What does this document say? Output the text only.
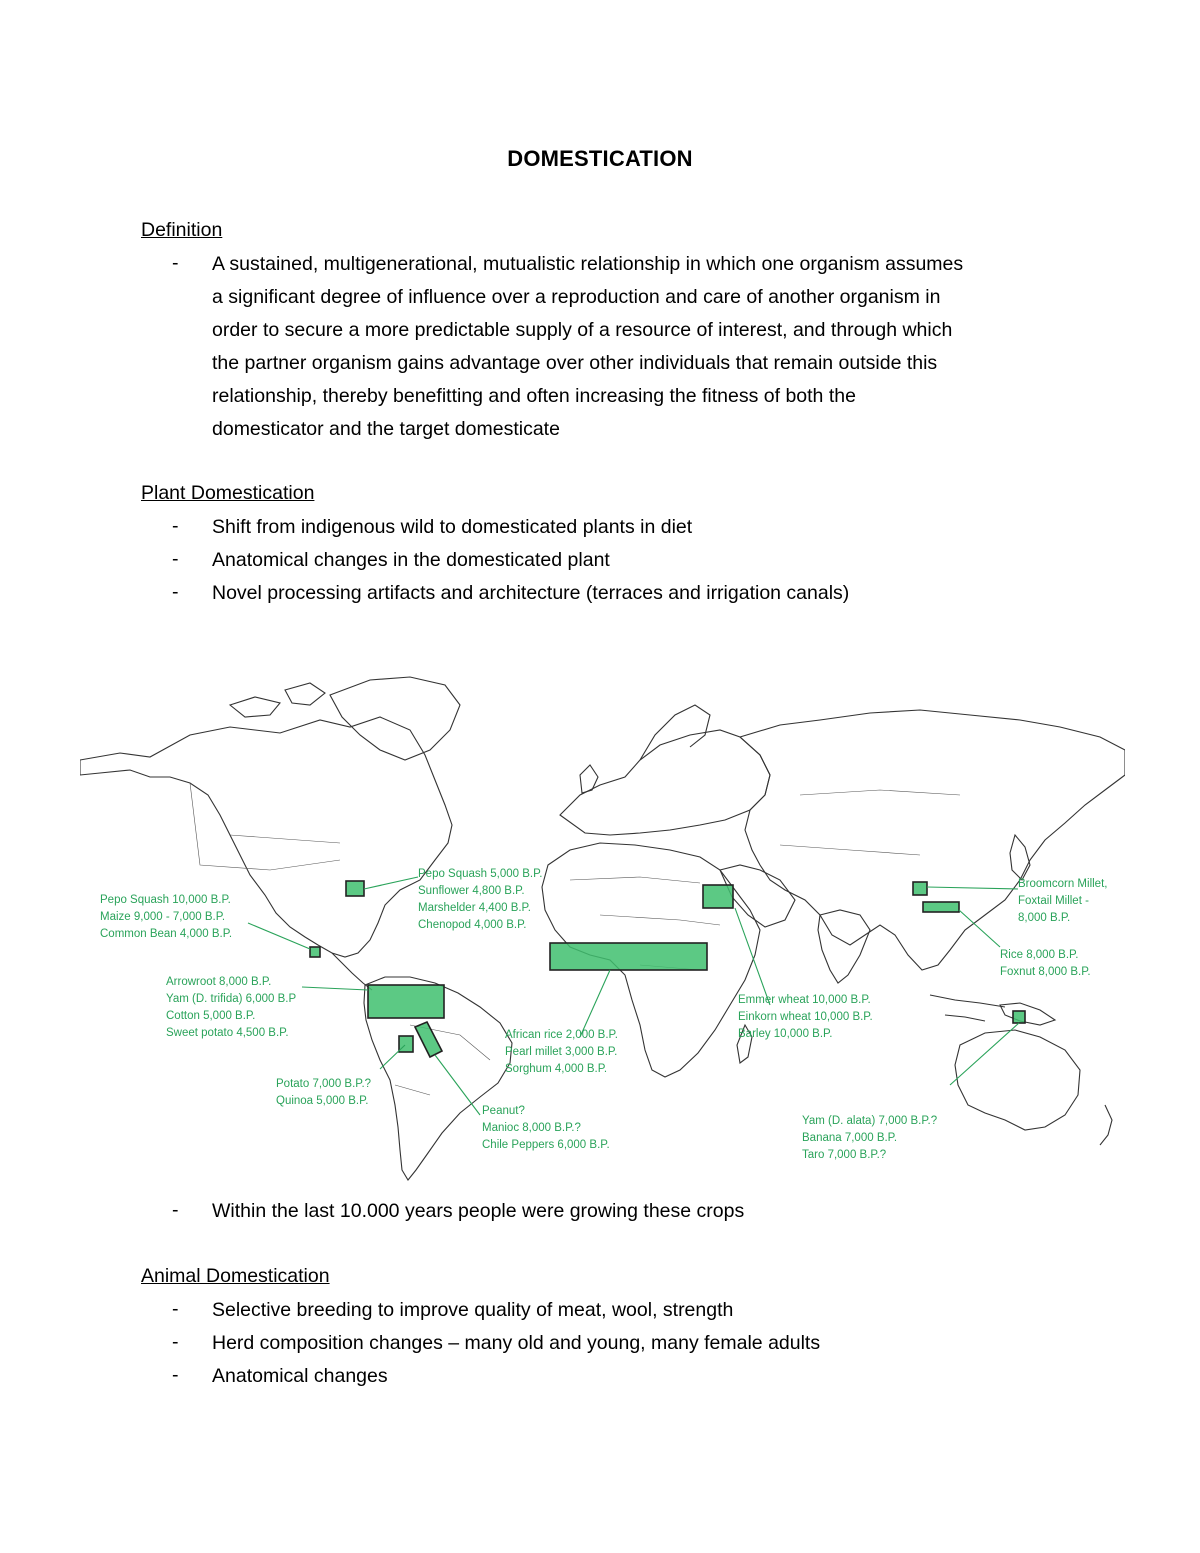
DOMESTICATION
Definition
- A sustained, multigenerational, mutualistic relationship in which one organism assumes
a significant degree of influence over a reproduction and care of another organism in
order to secure a more predictable supply of a resource of interest, and through which
the partner organism gains advantage over other individuals that remain outside this
relationship, thereby benefitting and often increasing the fitness of both the
domesticator and the target domesticate
Plant Domestication
- Shift from indigenous wild to domesticated plants in diet
- Anatomical changes in the domesticated plant
- Novel processing artifacts and architecture (terraces and irrigation canals)
Pepo Squash 5,000 B.P. Sunflower 4,800 B.P. Marshelder 4,400 B.P. Chenopod 4,000 B.P.
Pepo Squash 10,000 B.P. Maize 9,000 - 7,000 B.P. Common Bean 4,000 B.P.
Arrowroot 8,000 B.P. Yam (D. trifida) 6,000 B.P Cotton 5,000 B.P. Sweet potato 4,500 B.P.
Potato 7,000 B.P.? Quinoa 5,000 B.P.
Peanut? Manioc 8,000 B.P.? Chile Peppers 6,000 B.P.
African rice 2,000 B.P. Pearl millet 3,000 B.P. Sorghum 4,000 B.P.
Emmer wheat 10,000 B.P. Einkorn wheat 10,000 B.P. Barley 10,000 B.P.
Broomcorn Millet, Foxtail Millet - 8,000 B.P.
Rice 8,000 B.P. Foxnut 8,000 B.P.
Yam (D. alata) 7,000 B.P.? Banana 7,000 B.P. Taro 7,000 B.P.?
- Within the last 10.000 years people were growing these crops
Animal Domestication
- Selective breeding to improve quality of meat, wool, strength
- Herd composition changes – many old and young, many female adults
- Anatomical changes
